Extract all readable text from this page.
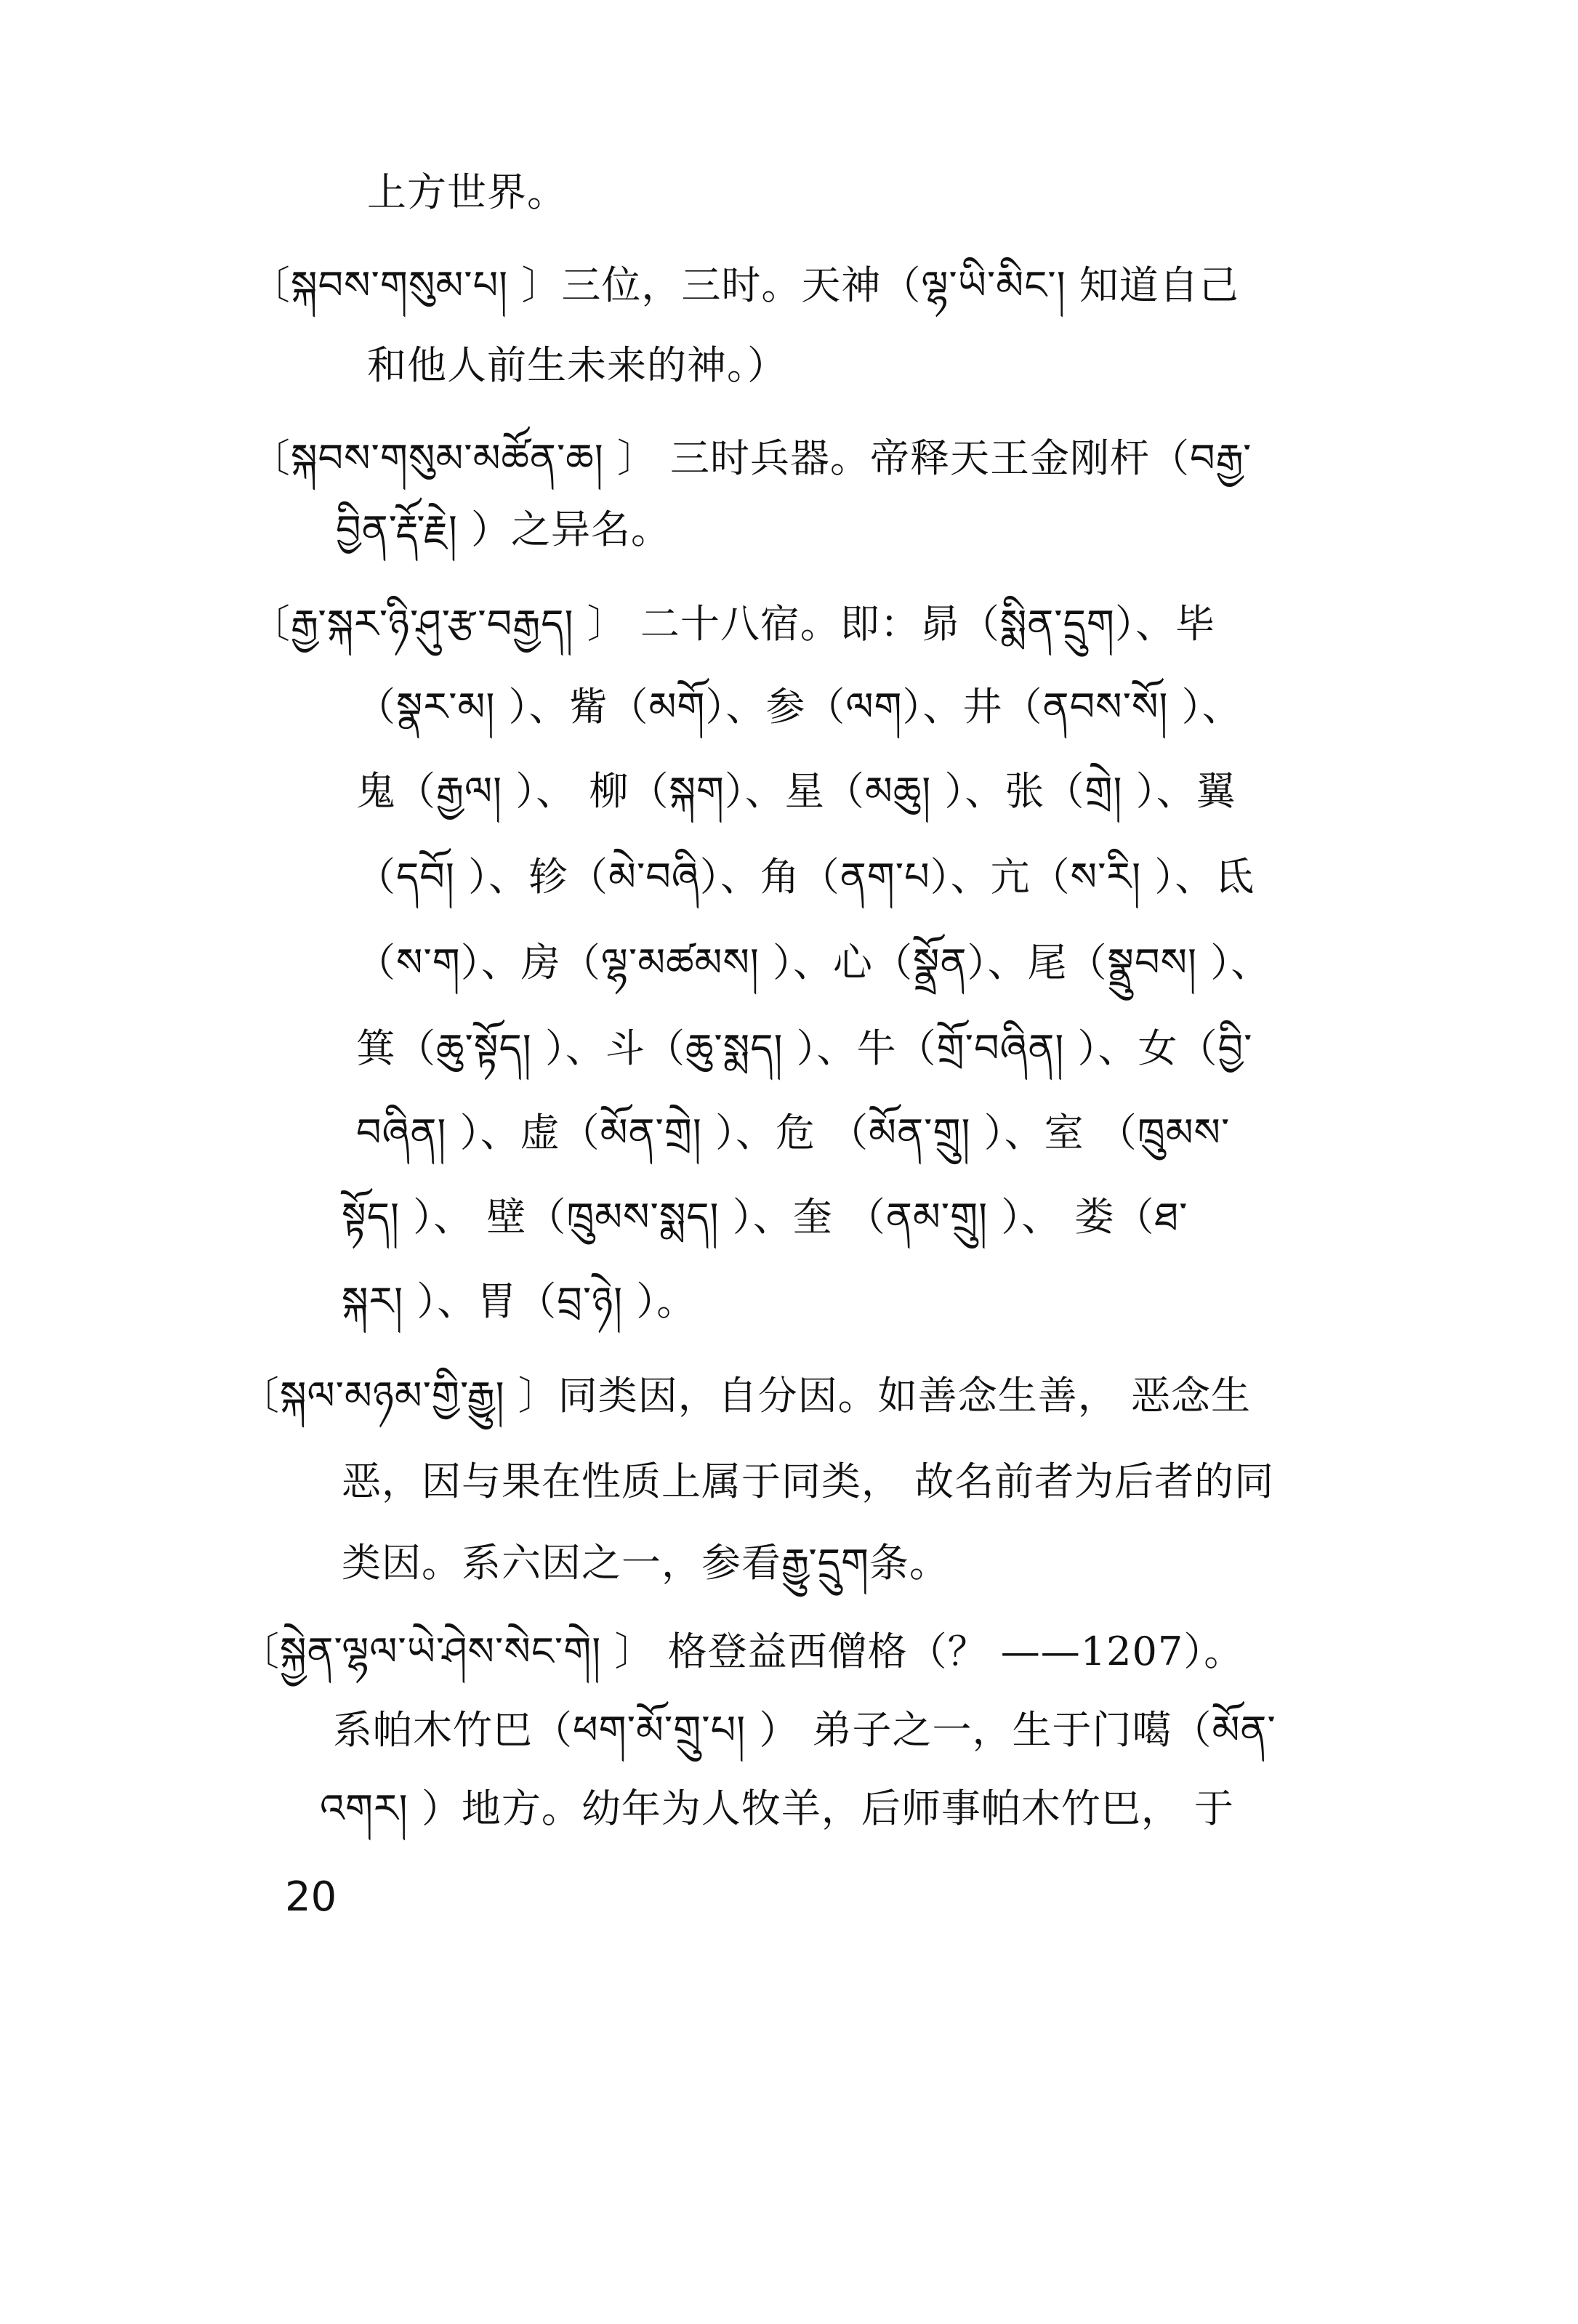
上方世界。
〔སྐབས་གསུམ་པ། 〕三位，三时。天神（ལྷ་ཡི་མིང་། 知道自己
和他人前生未来的神。）
〔སྐབས་གསུམ་མཚོན་ཆ། 〕 三时兵器。帝释天王金刚杆（བརྒྱ་
བྱིན་རྡོ་རྗེ། ）之异名。
〔རྒྱ་སྐར་ཉི་ཤུ་རྩ་བརྒྱད། 〕 二十八宿。即：昴（སྨིན་དྲུག）、毕
（སྣར་མ། ）、觜（མགོ）、参（ལག）、井（ནབས་སོ། ）、
鬼（རྒྱལ། ）、 柳（སྐག）、星（མཆུ། ）、张（གྲེ། ）、翼
（དབོ། ）、轸（མེ་བཞི）、角（ནག་པ）、亢（ས་རི། ）、氐
（ས་ག）、房（ལྷ་མཚམས། ）、心（སྣྲོན）、尾（སྣྲུབས། ）、
箕（ཆུ་སྟོད། ）、斗（ཆུ་སྨད། ）、牛（གྲོ་བཞིན། ）、女（བྱི་
བཞིན། ）、虚（མོན་གྲེ། ）、危 （མོན་གྲུ། ）、室 （ཁྲུམས་
སྟོད། ）、 壁（ཁྲུམས་སྨད། ）、奎 （ནམ་གྲུ། ）、 娄（ཐ་
སྐར། ）、胃（བྲ་ཉེ། ）。
〔སྐལ་མཉམ་གྱི་རྒྱུ། 〕同类因，自分因。如善念生善， 恶念生
恶，因与果在性质上属于同类， 故名前者为后者的同
类因。系六因之一，参看རྒྱུ་དྲུག条。
〔སྐྱེན་ལྷལ་ཡེ་ཤེས་སེང་གེ། 〕 格登益西僧格（？ ——1207）。
系帕木竹巴（ཕག་མོ་གྲུ་པ། ） 弟子之一，生于门噶（མོན་
འགར། ）地方。幼年为人牧羊，后师事帕木竹巴， 于
20
